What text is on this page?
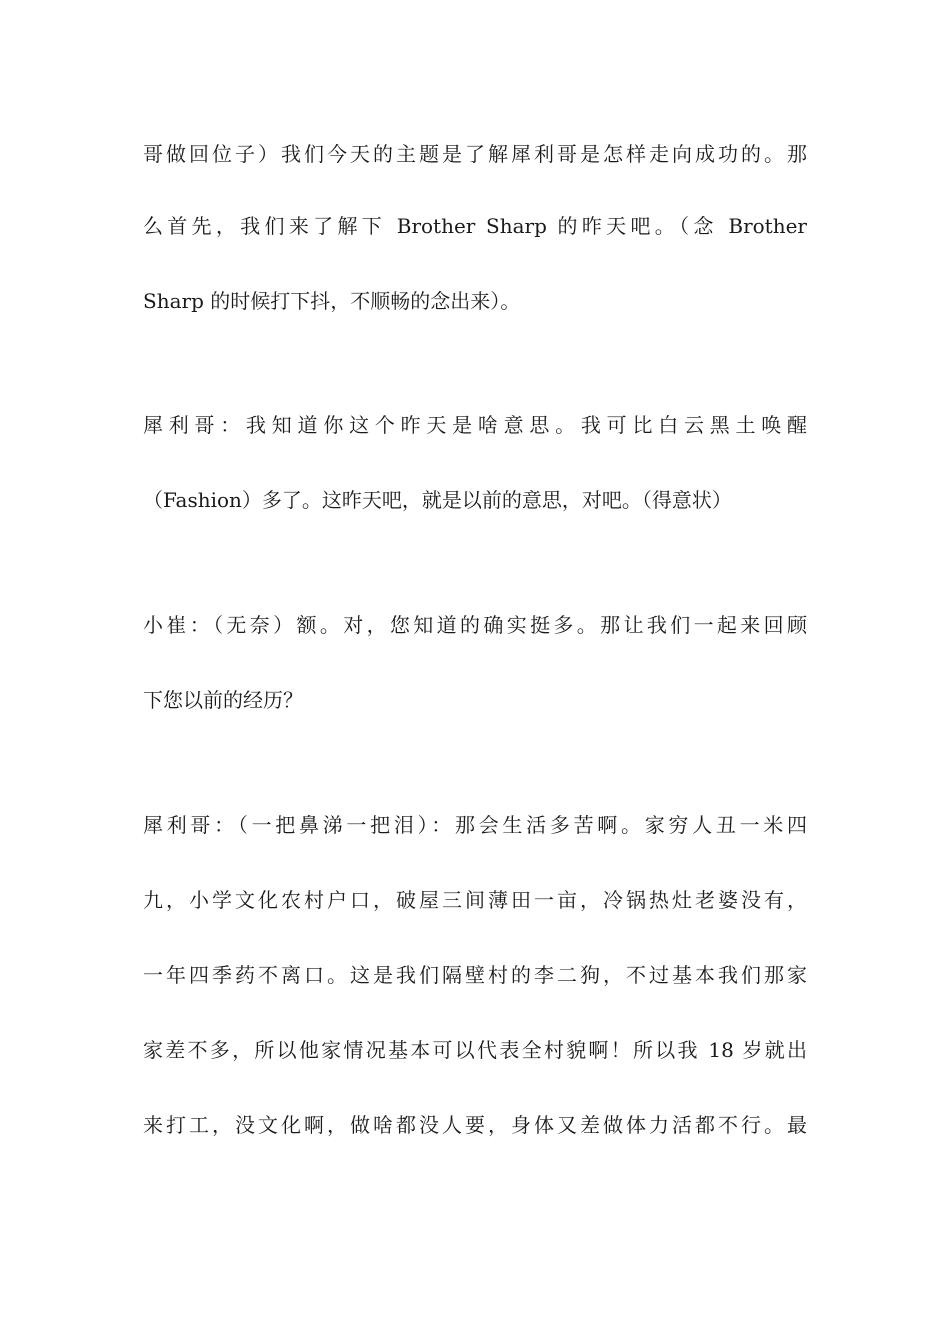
哥做回位子）我们今天的主题是了解犀利哥是怎样走向成功的。那
么首先，我们来了解下 Brother Sharp 的昨天吧。（念 Brother
Sharp 的时候打下抖，不顺畅的念出来）。
犀利哥：我知道你这个昨天是啥意思。我可比白云黑土唤醒
（Fashion）多了。这昨天吧，就是以前的意思，对吧。（得意状）
小崔：（无奈）额。对，您知道的确实挺多。那让我们一起来回顾
下您以前的经历？
犀利哥：（一把鼻涕一把泪）：那会生活多苦啊。家穷人丑一米四
九，小学文化农村户口，破屋三间薄田一亩，冷锅热灶老婆没有，
一年四季药不离口。这是我们隔壁村的李二狗，不过基本我们那家
家差不多，所以他家情况基本可以代表全村貌啊！所以我 18 岁就出
来打工，没文化啊，做啥都没人要，身体又差做体力活都不行。最
